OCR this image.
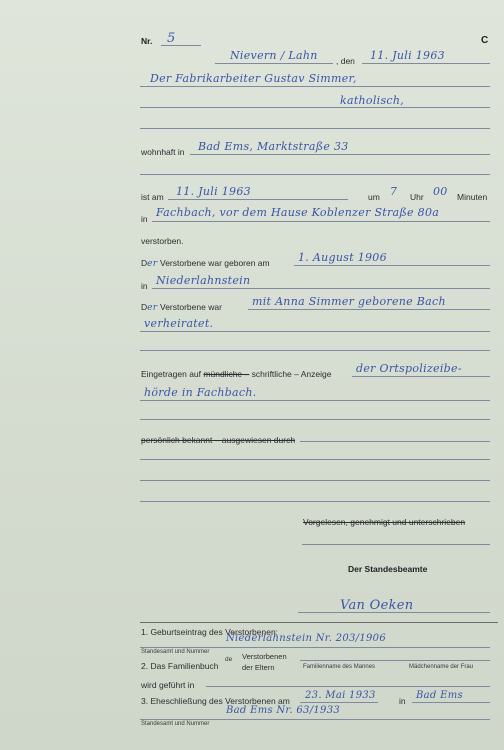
Nr. 5	C
Nievern / Lahn , den 11. Juli 1963
Der Fabrikarbeiter Gustav Simmer,
katholisch,
wohnhaft in Bad Ems, Marktstraße 33
ist am 11. Juli 1963	um 7 Uhr 00 Minuten
in Fachbach, vor dem Hause Koblenzer Straße 80a
verstorben.
Der Verstorbene war geboren am	1. August 1906
in Niederlahnstein
Der Verstorbene war	mit Anna Simmer geborene Bach
verheiratet.
Eingetragen auf mündliche – schriftliche – Anzeige der Ortspolizeibe-
hörde in Fachbach.
persönlich bekannt – ausgewiesen durch
Vorgelesen, genehmigt und unterschrieben
Der Standesbeamte
Van Oeken
1. Geburtseintrag des Verstorbenen:
Niederlahnstein Nr. 203/1906
Standesamt und Nummer
2. Das Familienbuch
de Verstorbenen
der Eltern	Familienname des Mannes	Mädchenname der Frau
wird geführt in
3. Eheschließung des Verstorbenen am 23. Mai 1933	in Bad Ems
Bad Ems Nr. 63/1933
Standesamt und Nummer
